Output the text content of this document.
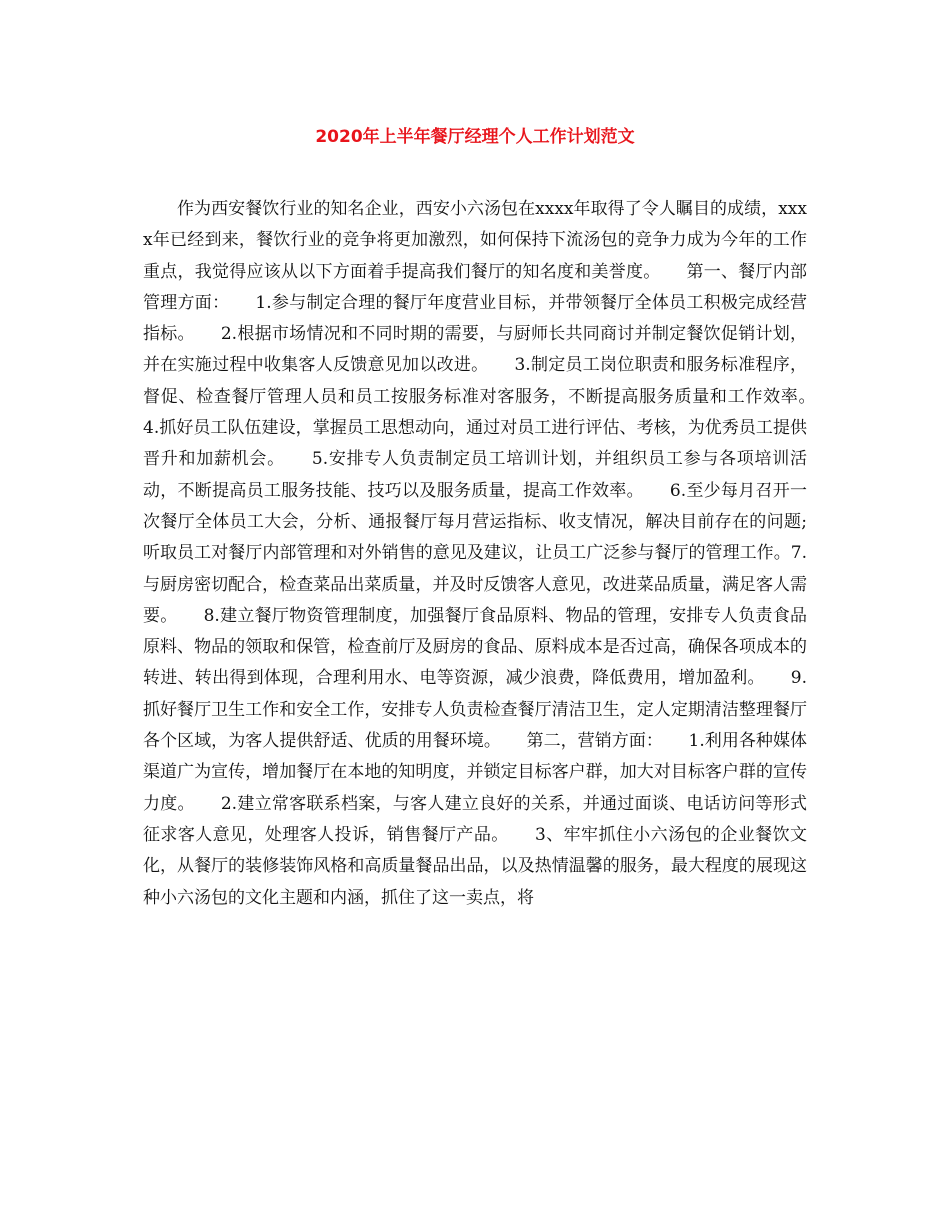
2020年上半年餐厅经理个人工作计划范文

作为西安餐饮行业的知名企业，西安小六汤包在xxxx年取得了令人瞩目的成绩，xxxx年已经到来，餐饮行业的竞争将更加激烈，如何保持下流汤包的竞争力成为今年的工作重点，我觉得应该从以下方面着手提高我们餐厅的知名度和美誉度。　　第一、餐厅内部管理方面：　　1.参与制定合理的餐厅年度营业目标，并带领餐厅全体员工积极完成经营指标。　　2.根据市场情况和不同时期的需要，与厨师长共同商讨并制定餐饮促销计划，并在实施过程中收集客人反馈意见加以改进。　　3.制定员工岗位职责和服务标准程序，督促、检查餐厅管理人员和员工按服务标准对客服务，不断提高服务质量和工作效率。　　4.抓好员工队伍建设，掌握员工思想动向，通过对员工进行评估、考核，为优秀员工提供晋升和加薪机会。　　5.安排专人负责制定员工培训计划，并组织员工参与各项培训活动，不断提高员工服务技能、技巧以及服务质量，提高工作效率。　　6.至少每月召开一次餐厅全体员工大会，分析、通报餐厅每月营运指标、收支情况，解决目前存在的问题;听取员工对餐厅内部管理和对外销售的意见及建议，让员工广泛参与餐厅的管理工作。7.与厨房密切配合，检查菜品出菜质量，并及时反馈客人意见，改进菜品质量，满足客人需要。　　8.建立餐厅物资管理制度，加强餐厅食品原料、物品的管理，安排专人负责食品原料、物品的领取和保管，检查前厅及厨房的食品、原料成本是否过高，确保各项成本的转进、转出得到体现，合理利用水、电等资源，减少浪费，降低费用，增加盈利。　　9.抓好餐厅卫生工作和安全工作，安排专人负责检查餐厅清洁卫生，定人定期清洁整理餐厅各个区域，为客人提供舒适、优质的用餐环境。　　第二，营销方面：　　1.利用各种媒体渠道广为宣传，增加餐厅在本地的知明度，并锁定目标客户群，加大对目标客户群的宣传力度。　　2.建立常客联系档案，与客人建立良好的关系，并通过面谈、电话访问等形式征求客人意见，处理客人投诉，销售餐厅产品。　　3、牢牢抓住小六汤包的企业餐饮文化，从餐厅的装修装饰风格和高质量餐品出品，以及热情温馨的服务，最大程度的展现这种小六汤包的文化主题和内涵，抓住了这一卖点，将
